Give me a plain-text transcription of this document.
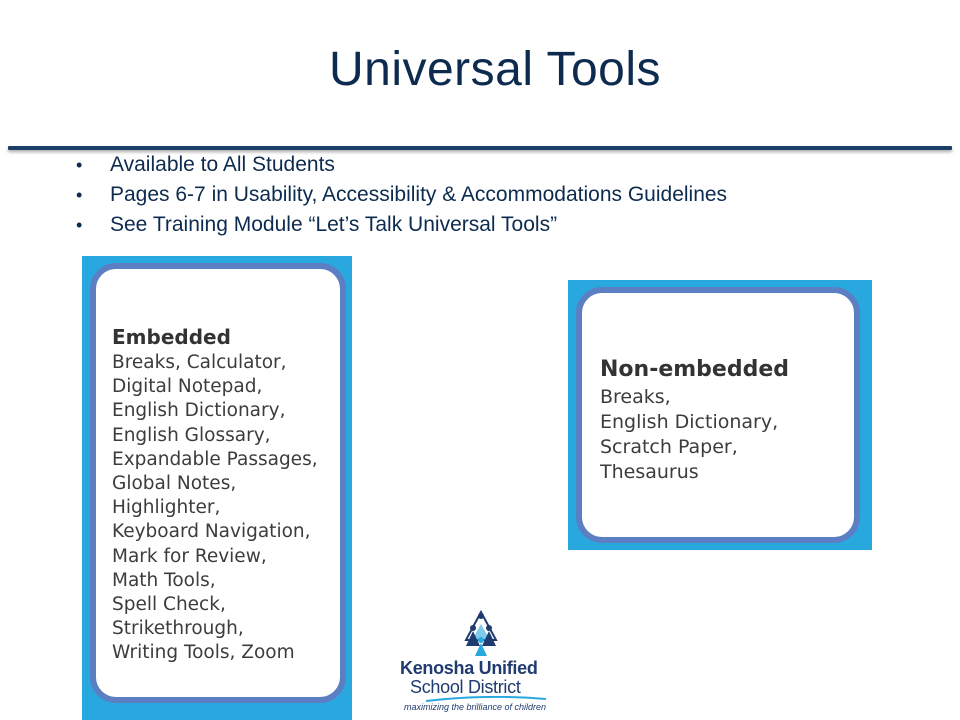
Universal Tools
• Available to All Students
• Pages 6-7 in Usability, Accessibility & Accommodations Guidelines
• See Training Module “Let’s Talk Universal Tools”
Embedded
Breaks, Calculator,
Digital Notepad,
English Dictionary,
English Glossary,
Expandable Passages,
Global Notes,
Highlighter,
Keyboard Navigation,
Mark for Review,
Math Tools,
Spell Check,
Strikethrough,
Writing Tools, Zoom
Non-embedded
Breaks,
English Dictionary,
Scratch Paper,
Thesaurus
Kenosha Unified
School District
maximizing the brilliance of children
